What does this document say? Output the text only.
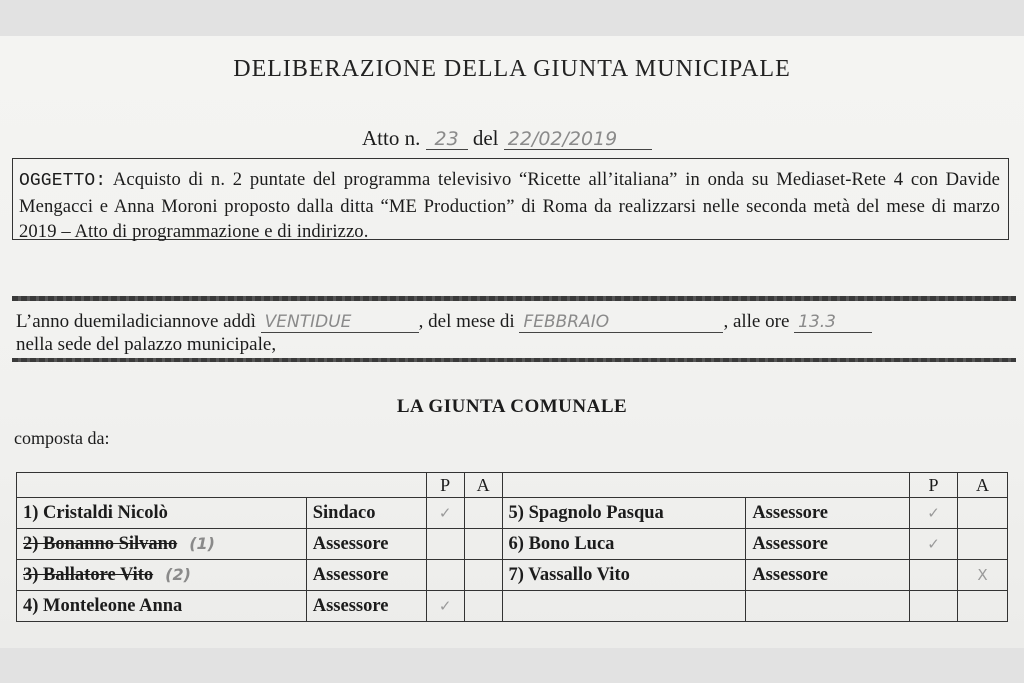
DELIBERAZIONE DELLA GIUNTA MUNICIPALE
Atto n. 23 del 22/02/2019
OGGETTO: Acquisto di n. 2 puntate del programma televisivo “Ricette all’italiana” in onda su Mediaset-Rete 4 con Davide Mengacci e Anna Moroni proposto dalla ditta “ME Production” di Roma da realizzarsi nelle seconda metà del mese di marzo 2019 – Atto di programmazione e di indirizzo.
L’anno duemiladiciannove addì VENTIDUE	, del mese di FEBBRAIO	, alle ore 13.3
nella sede del palazzo municipale,
LA GIUNTA COMUNALE
composta da:
		P	A			P	A
1) Cristaldi Nicolò	Sindaco	✓		5) Spagnolo Pasqua	Assessore	✓	
2) Bonanno Silvano (1)	Assessore			6) Bono Luca	Assessore	✓	
3) Ballatore Vito (2)	Assessore			7) Vassallo Vito	Assessore		X
4) Monteleone Anna	Assessore	✓					
